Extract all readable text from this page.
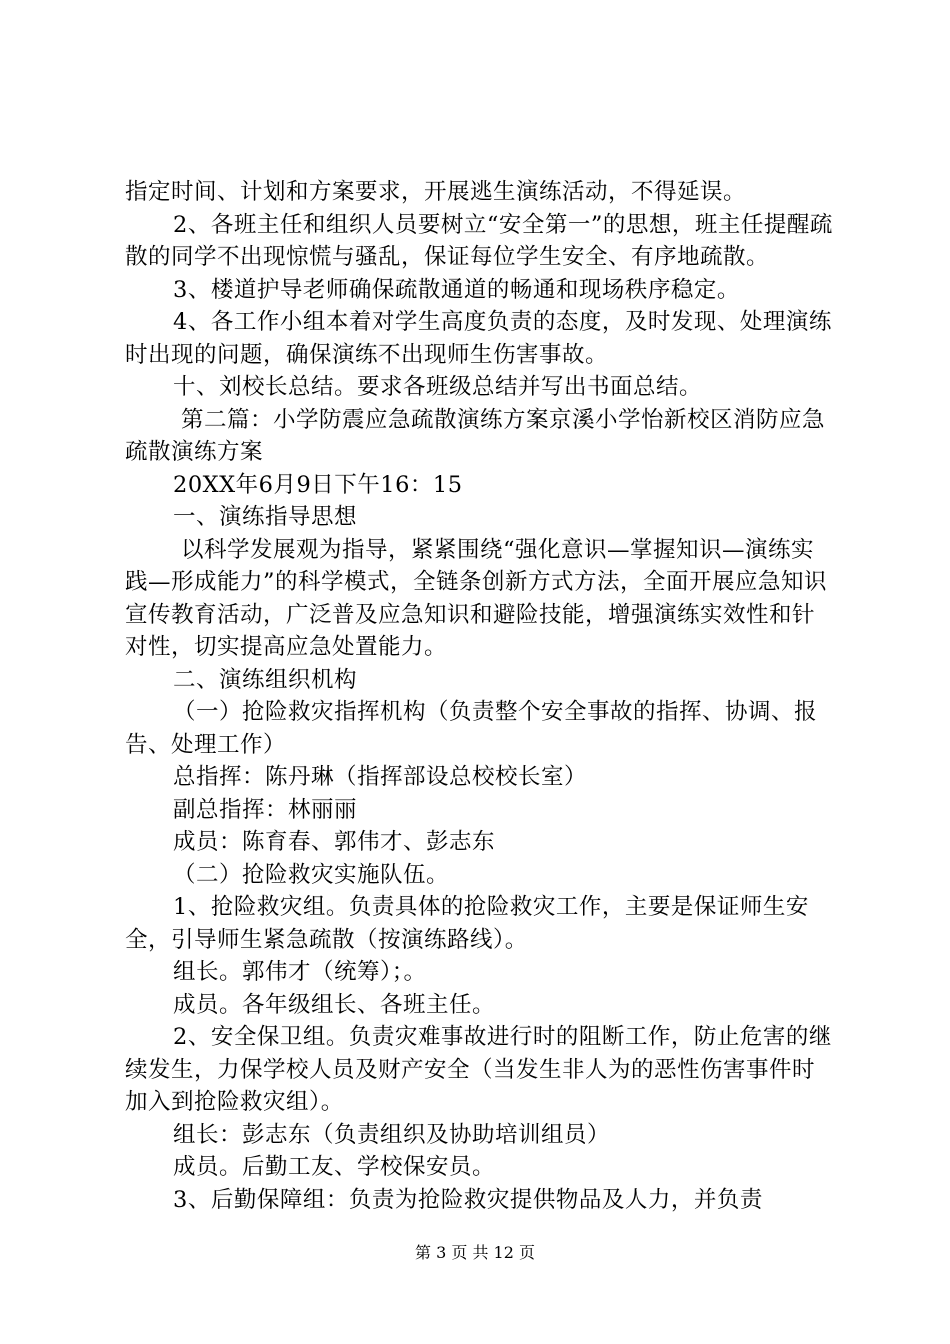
指定时间、计划和方案要求，开展逃生演练活动，不得延误。

2、各班主任和组织人员要树立“安全第一”的思想，班主任提醒疏散的同学不出现惊慌与骚乱，保证每位学生安全、有序地疏散。

3、楼道护导老师确保疏散通道的畅通和现场秩序稳定。

4、各工作小组本着对学生高度负责的态度，及时发现、处理演练时出现的问题，确保演练不出现师生伤害事故。

十、刘校长总结。要求各班级总结并写出书面总结。

第二篇：小学防震应急疏散演练方案京溪小学怡新校区消防应急疏散演练方案

20XX年6月9日下午16：15

一、演练指导思想

以科学发展观为指导，紧紧围绕“强化意识—掌握知识—演练实践—形成能力”的科学模式，全链条创新方式方法，全面开展应急知识宣传教育活动，广泛普及应急知识和避险技能，增强演练实效性和针对性，切实提高应急处置能力。

二、演练组织机构

（一）抢险救灾指挥机构（负责整个安全事故的指挥、协调、报告、处理工作）

总指挥：陈丹琳（指挥部设总校校长室）

副总指挥：林丽丽

成员：陈育春、郭伟才、彭志东

（二）抢险救灾实施队伍。

1、抢险救灾组。负责具体的抢险救灾工作，主要是保证师生安全，引导师生紧急疏散（按演练路线）。

组长。郭伟才（统筹）；。

成员。各年级组长、各班主任。

2、安全保卫组。负责灾难事故进行时的阻断工作，防止危害的继续发生，力保学校人员及财产安全（当发生非人为的恶性伤害事件时加入到抢险救灾组）。

组长：彭志东（负责组织及协助培训组员）

成员。后勤工友、学校保安员。

3、后勤保障组：负责为抢险救灾提供物品及人力，并负责

第 3 页 共 12 页
